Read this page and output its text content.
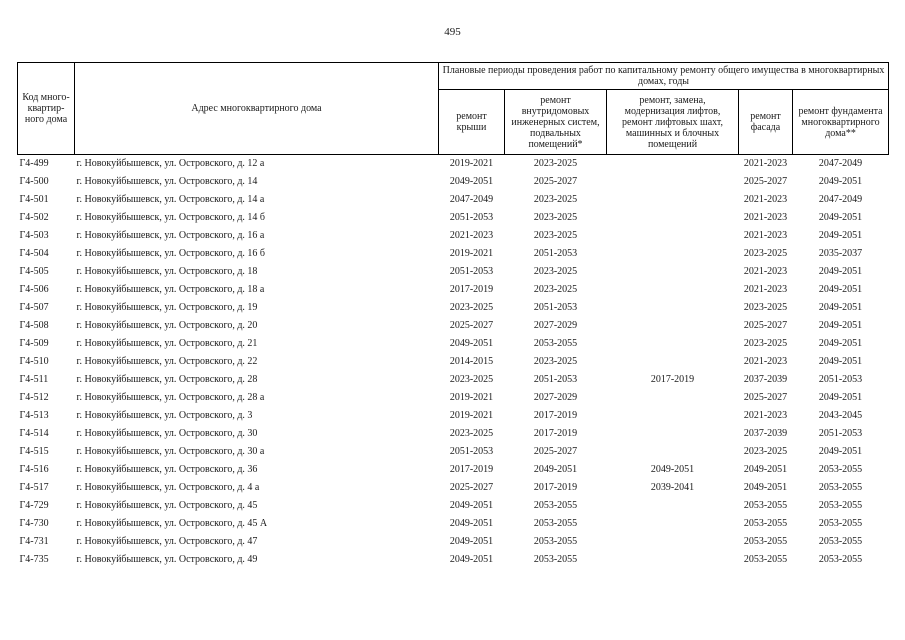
495
Код много-квартир-ного дома	Адрес многоквартирного дома	Плановые периоды проведения работ по капитальному ремонту общего имущества в многоквартирных домах, годы				
		ремонт крыши	ремонт внутридомовых инженерных систем, подвальных помещений*	ремонт, замена, модернизация лифтов, ремонт лифтовых шахт, машинных и блочных помещений	ремонт фасада	ремонт фундамента многоквартирного дома**
Г4-499	г. Новокуйбышевск, ул. Островского, д. 12 а	2019-2021	2023-2025		2021-2023	2047-2049
Г4-500	г. Новокуйбышевск, ул. Островского, д. 14	2049-2051	2025-2027		2025-2027	2049-2051
Г4-501	г. Новокуйбышевск, ул. Островского, д. 14 а	2047-2049	2023-2025		2021-2023	2047-2049
Г4-502	г. Новокуйбышевск, ул. Островского, д. 14 б	2051-2053	2023-2025		2021-2023	2049-2051
Г4-503	г. Новокуйбышевск, ул. Островского, д. 16 а	2021-2023	2023-2025		2021-2023	2049-2051
Г4-504	г. Новокуйбышевск, ул. Островского, д. 16 б	2019-2021	2051-2053		2023-2025	2035-2037
Г4-505	г. Новокуйбышевск, ул. Островского, д. 18	2051-2053	2023-2025		2021-2023	2049-2051
Г4-506	г. Новокуйбышевск, ул. Островского, д. 18 а	2017-2019	2023-2025		2021-2023	2049-2051
Г4-507	г. Новокуйбышевск, ул. Островского, д. 19	2023-2025	2051-2053		2023-2025	2049-2051
Г4-508	г. Новокуйбышевск, ул. Островского, д. 20	2025-2027	2027-2029		2025-2027	2049-2051
Г4-509	г. Новокуйбышевск, ул. Островского, д. 21	2049-2051	2053-2055		2023-2025	2049-2051
Г4-510	г. Новокуйбышевск, ул. Островского, д. 22	2014-2015	2023-2025		2021-2023	2049-2051
Г4-511	г. Новокуйбышевск, ул. Островского, д. 28	2023-2025	2051-2053	2017-2019	2037-2039	2051-2053
Г4-512	г. Новокуйбышевск, ул. Островского, д. 28 а	2019-2021	2027-2029		2025-2027	2049-2051
Г4-513	г. Новокуйбышевск, ул. Островского, д. 3	2019-2021	2017-2019		2021-2023	2043-2045
Г4-514	г. Новокуйбышевск, ул. Островского, д. 30	2023-2025	2017-2019		2037-2039	2051-2053
Г4-515	г. Новокуйбышевск, ул. Островского, д. 30 а	2051-2053	2025-2027		2023-2025	2049-2051
Г4-516	г. Новокуйбышевск, ул. Островского, д. 36	2017-2019	2049-2051	2049-2051	2049-2051	2053-2055
Г4-517	г. Новокуйбышевск, ул. Островского, д. 4 а	2025-2027	2017-2019	2039-2041	2049-2051	2053-2055
Г4-729	г. Новокуйбышевск, ул. Островского, д. 45	2049-2051	2053-2055		2053-2055	2053-2055
Г4-730	г. Новокуйбышевск, ул. Островского, д. 45 А	2049-2051	2053-2055		2053-2055	2053-2055
Г4-731	г. Новокуйбышевск, ул. Островского, д. 47	2049-2051	2053-2055		2053-2055	2053-2055
Г4-735	г. Новокуйбышевск, ул. Островского, д. 49	2049-2051	2053-2055		2053-2055	2053-2055
